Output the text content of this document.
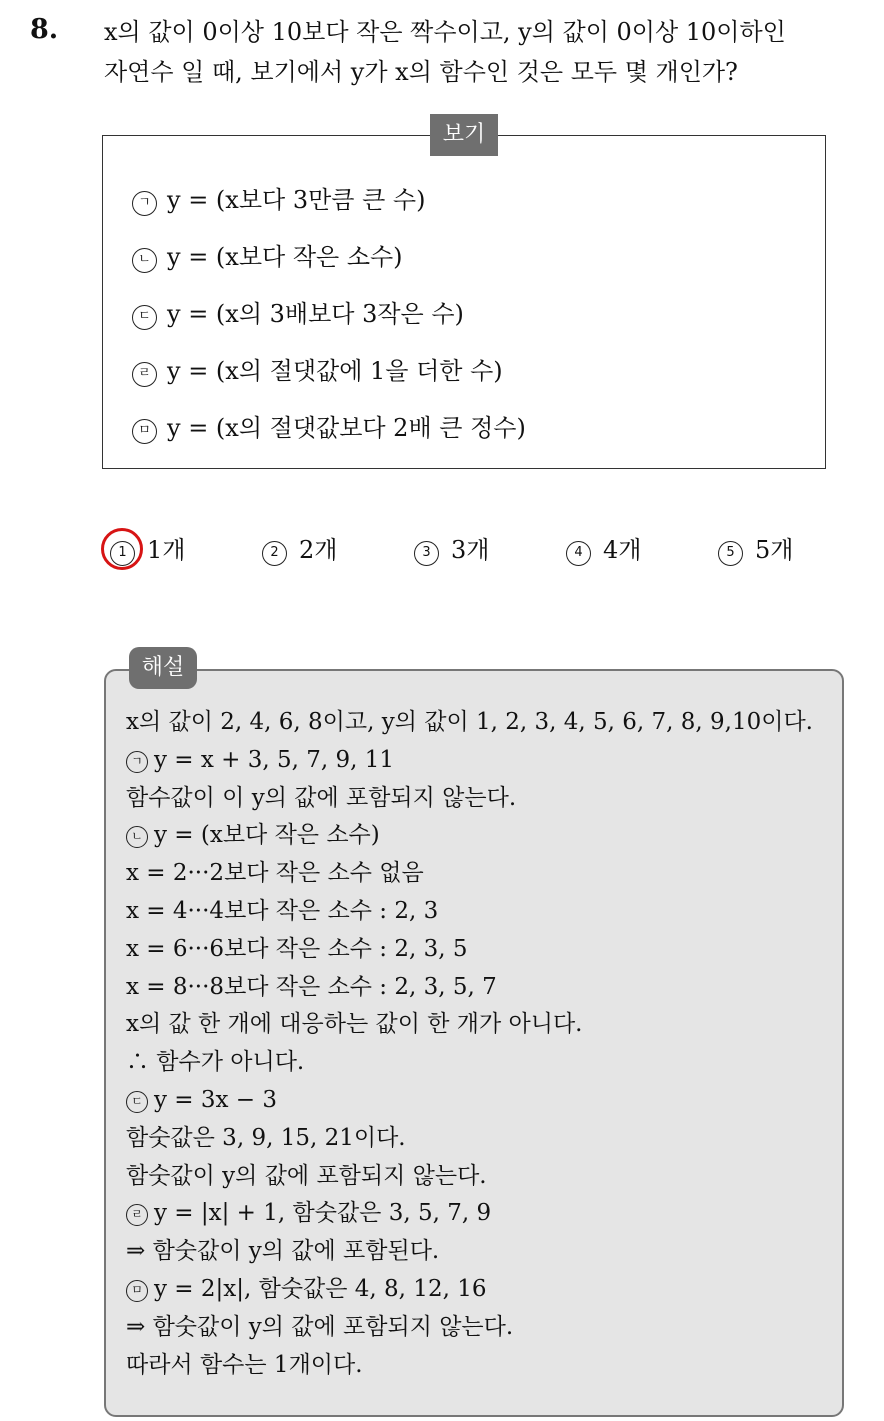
8. x의 값이 0이상 10보다 작은 짝수이고, y의 값이 0이상 10이하인
자연수 일 때, 보기에서 y가 x의 함수인 것은 모두 몇 개인가?
보기
ㄱ y = (x보다 3만큼 큰 수)
ㄴ y = (x보다 작은 소수)
ㄷ y = (x의 3배보다 3작은 수)
ㄹ y = (x의 절댓값에 1을 더한 수)
ㅁ y = (x의 절댓값보다 2배 큰 정수)
1 1개	2 2개	3 3개	4 4개	5 5개
해설
x의 값이 2, 4, 6, 8이고, y의 값이 1, 2, 3, 4, 5, 6, 7, 8, 9,10이다.
ㄱ y = x + 3, 5, 7, 9, 11
함수값이 이 y의 값에 포함되지 않는다.
ㄴ y = (x보다 작은 소수)
x = 2···2보다 작은 소수 없음
x = 4···4보다 작은 소수 : 2, 3
x = 6···6보다 작은 소수 : 2, 3, 5
x = 8···8보다 작은 소수 : 2, 3, 5, 7
x의 값 한 개에 대응하는 값이 한 개가 아니다.
∴ 함수가 아니다.
ㄷ y = 3x − 3
함숫값은 3, 9, 15, 21이다.
함숫값이 y의 값에 포함되지 않는다.
ㄹ y = |x| + 1, 함숫값은 3, 5, 7, 9
⇒ 함숫값이 y의 값에 포함된다.
ㅁ y = 2|x|, 함숫값은 4, 8, 12, 16
⇒ 함숫값이 y의 값에 포함되지 않는다.
따라서 함수는 1개이다.
